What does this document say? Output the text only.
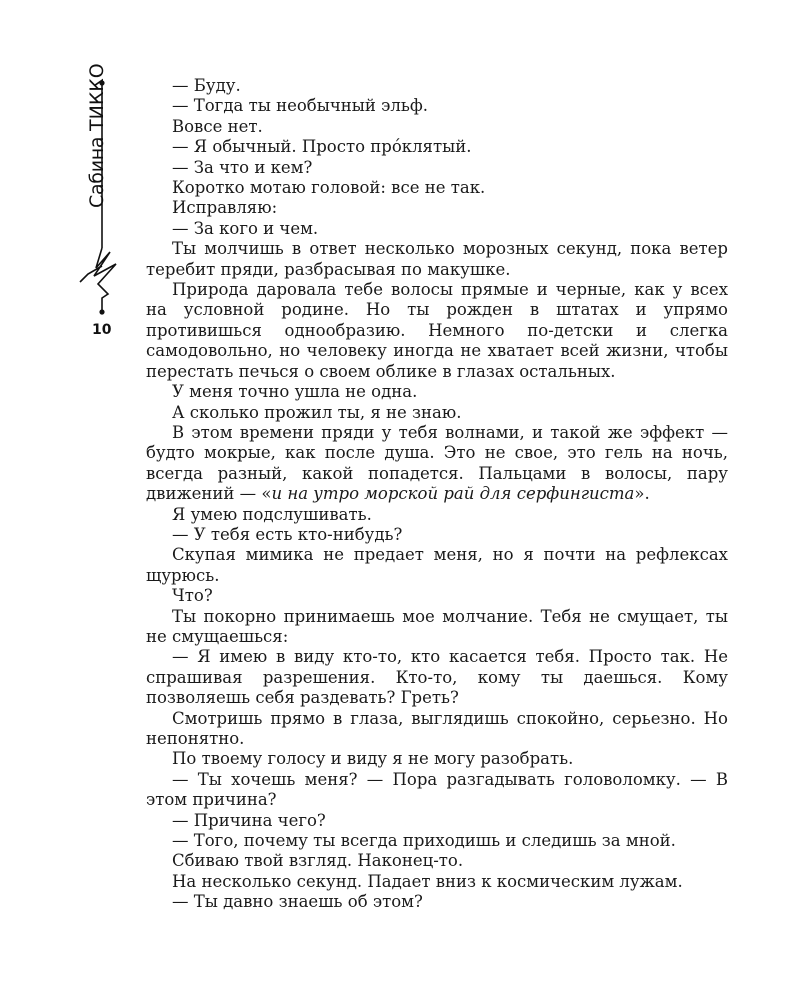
Сабина ТИККО
10

— Буду.

— Тогда ты необычный эльф.

Вовсе нет.

— Я обычный. Просто прóклятый.

— За что и кем?

Коротко мотаю головой: все не так.

Исправляю:

— За кого и чем.

Ты молчишь в ответ несколько морозных секунд, пока ветер теребит пряди, разбрасывая по макушке.

Природа даровала тебе волосы прямые и черные, как у всех на условной родине. Но ты рожден в штатах и упрямо противишься однообразию. Немного по-детски и слегка самодовольно, но человеку иногда не хватает всей жизни, чтобы перестать печься о своем облике в глазах остальных.

У меня точно ушла не одна.

А сколько прожил ты, я не знаю.

В этом времени пряди у тебя волнами, и такой же эффект — будто мокрые, как после душа. Это не свое, это гель на ночь, всегда разный, какой попадется. Пальцами в волосы, пару движений — «и на утро морской рай для серфингиста».

Я умею подслушивать.

— У тебя есть кто-нибудь?

Скупая мимика не предает меня, но я почти на рефлексах щурюсь.

Что?

Ты покорно принимаешь мое молчание. Тебя не смущает, ты не смущаешься:

— Я имею в виду кто-то, кто касается тебя. Просто так. Не спрашивая разрешения. Кто-то, кому ты даешься. Кому позволяешь себя раздевать? Греть?

Смотришь прямо в глаза, выглядишь спокойно, серьезно. Но непонятно.

По твоему голосу и виду я не могу разобрать.

— Ты хочешь меня? — Пора разгадывать головоломку. — В этом причина?

— Причина чего?

— Того, почему ты всегда приходишь и следишь за мной.

Сбиваю твой взгляд. Наконец-то.

На несколько секунд. Падает вниз к космическим лужам.

— Ты давно знаешь об этом?
